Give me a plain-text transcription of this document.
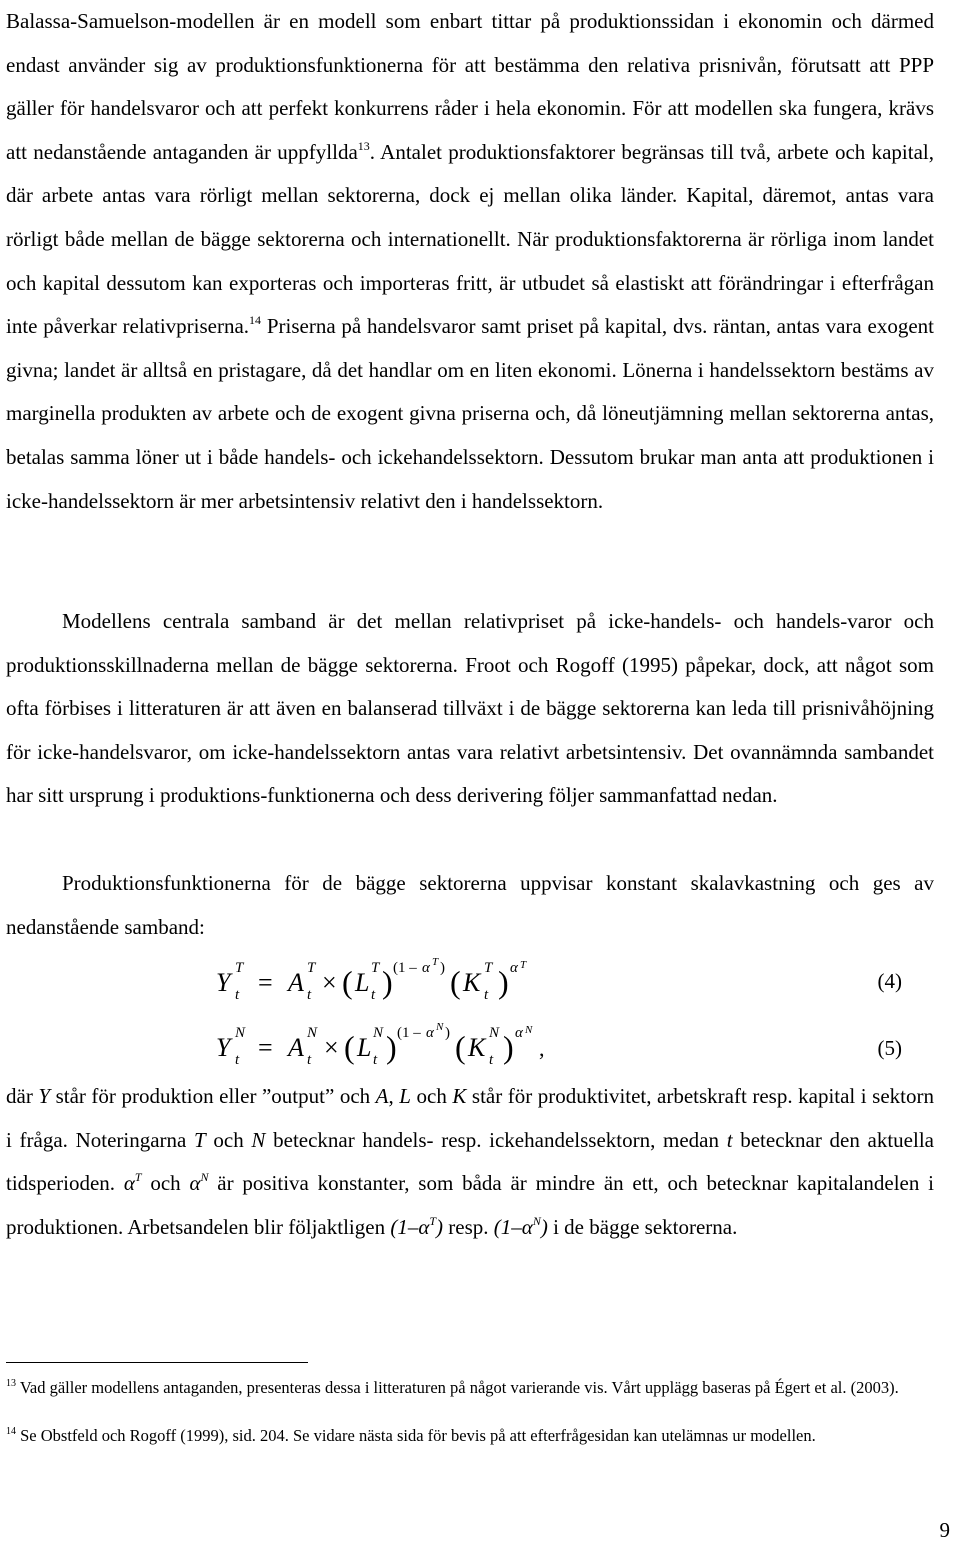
Balassa-Samuelson-modellen är en modell som enbart tittar på produktionssidan i ekonomin och därmed endast använder sig av produktionsfunktionerna för att bestämma den relativa prisnivån, förutsatt att PPP gäller för handelsvaror och att perfekt konkurrens råder i hela ekonomin. För att modellen ska fungera, krävs att nedanstående antaganden är uppfyllda$^{13}$. Antalet produktionsfaktorer begränsas till två, arbete och kapital, där arbete antas vara rörligt mellan sektorerna, dock ej mellan olika länder. Kapital, däremot, antas vara rörligt både mellan de bägge sektorerna och internationellt. När produktionsfaktorerna är rörliga inom landet och kapital dessutom kan exporteras och importeras fritt, är utbudet så elastiskt att förändringar i efterfrågan inte påverkar relativpriserna.$^{14}$ Priserna på handelsvaror samt priset på kapital, dvs. räntan, antas vara exogent givna; landet är alltså en pristagare, då det handlar om en liten ekonomi. Lönerna i handelssektorn bestäms av marginella produkten av arbete och de exogent givna priserna och, då löneutjämning mellan sektorerna antas, betalas samma löner ut i både handels- och ickehandelssektorn. Dessutom brukar man anta att produktionen i icke-handelssektorn är mer arbetsintensiv relativt den i handelssektorn.

Modellens centrala samband är det mellan relativpriset på icke-handels- och handels-varor och produktionsskillnaderna mellan de bägge sektorerna. Froot och Rogoff (1995) påpekar, dock, att något som ofta förbises i litteraturen är att även en balanserad tillväxt i de bägge sektorerna kan leda till prisnivåhöjning för icke-handelsvaror, om icke-handelssektorn antas vara relativt arbetsintensiv. Det ovannämnda sambandet har sitt ursprung i produktions-funktionerna och dess derivering följer sammanfattad nedan.

Produktionsfunktionerna för de bägge sektorerna uppvisar konstant skalavkastning och ges av nedanstående samband:

Y T
t = A T
t × ( L T
t ) (1 – α T ) ( K T
t ) α T
(4)
Y N
t = A N
t × ( L N
t ) (1 – α N ) ( K N
t ) α N
,	(5)

där Y står för produktion eller ”output” och A, L och K står för produktivitet, arbetskraft resp. kapital i sektorn i fråga. Noteringarna T och N betecknar handels- resp. ickehandelssektorn, medan t betecknar den aktuella tidsperioden. $\alpha^T$ och $\alpha^N$ är positiva konstanter, som båda är mindre än ett, och betecknar kapitalandelen i produktionen. Arbetsandelen blir följaktligen $(1-\alpha^T)$ resp. $(1-\alpha^N)$ i de bägge sektorerna.

$^{13}$ Vad gäller modellens antaganden, presenteras dessa i litteraturen på något varierande vis. Vårt upplägg baseras på Égert et al. (2003).
$^{14}$ Se Obstfeld och Rogoff (1999), sid. 204. Se vidare nästa sida för bevis på att efterfrågesidan kan utelämnas ur modellen.
9
